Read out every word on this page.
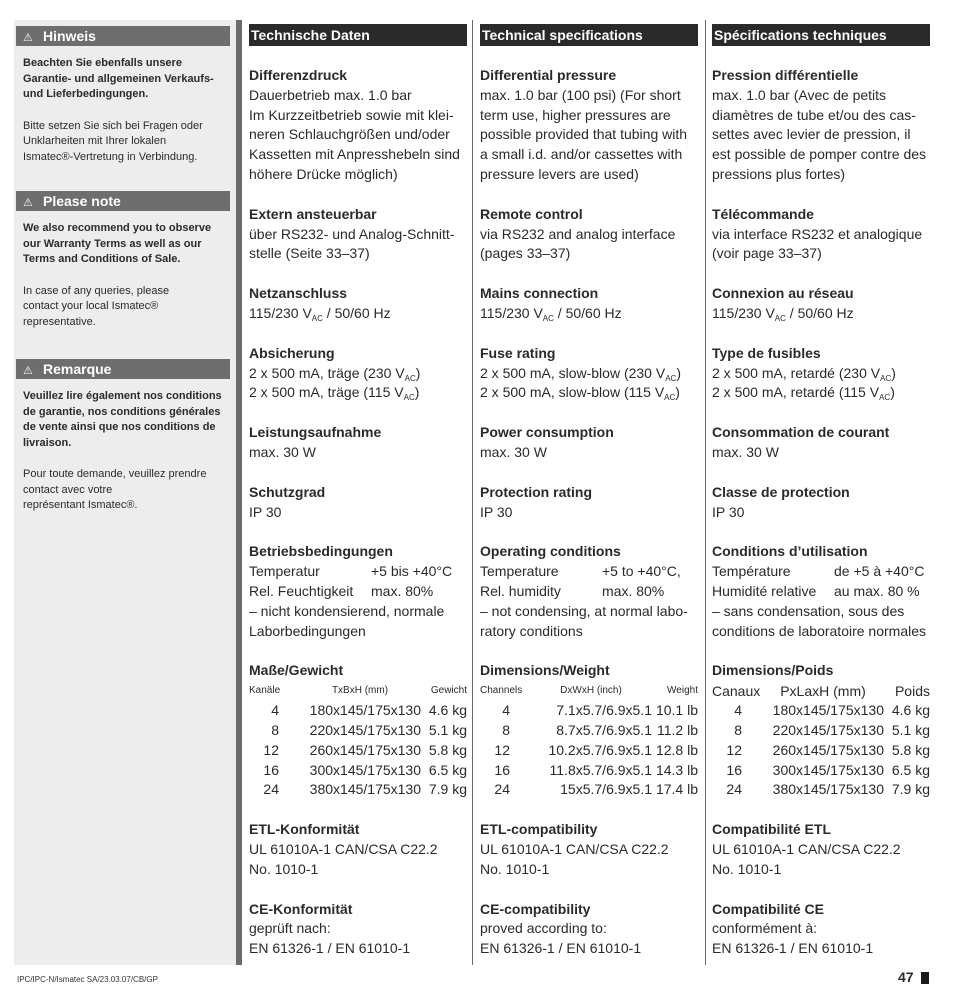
⚠ Hinweis
Beachten Sie ebenfalls unsere Garantie- und allgemeinen Verkaufs- und Lieferbedingungen.
Bitte setzen Sie sich bei Fragen oder
Unklarheiten mit Ihrer lokalen
Ismatec®-Vertretung in Verbindung.
⚠ Please note
We also recommend you to observe our Warranty Terms as well as our Terms and Conditions of Sale.
In case of any queries, please
contact your local Ismatec®
representative.
⚠ Remarque
Veuillez lire également nos conditions de garantie, nos conditions générales de vente ainsi que nos conditions de livraison.
Pour toute demande, veuillez prendre
contact avec votre
représentant Ismatec®.
Technische Daten
Differenzdruck
Dauerbetrieb max. 1.0 bar
Im Kurzzeitbetrieb sowie mit klei-
neren Schlauchgrößen und/oder
Kassetten mit Anpresshebeln sind
höhere Drücke möglich)
Extern ansteuerbar
über RS232- und Analog-Schnitt-
stelle (Seite 33–37)
Netzanschluss
115/230 $V_{AC} / 50/60$ Hz
Absicherung
2 x 500 mA, träge (230 $V_{AC}$)
2 x 500 mA, träge (115 $V_{AC}$)
Leistungsaufnahme
max. 30 W
Schutzgrad
IP 30
Betriebsbedingungen
Temperatur	+5 bis +40°C
Rel. Feuchtigkeit	max. 80%
– nicht kondensierend, normale
Laborbedingungen
Maße/Gewicht
Kanäle	TxBxH (mm)	Gewicht
4	180x145/175x130 4.6 kg
8	220x145/175x130 5.1 kg
12	260x145/175x130 5.8 kg
16	300x145/175x130 6.5 kg
24	380x145/175x130 7.9 kg
ETL-Konformität
UL 61010A-1 CAN/CSA C22.2
No. 1010-1
CE-Konformität
geprüft nach:
EN 61326-1 / EN 61010-1
Technical specifications
Differential pressure
max. 1.0 bar (100 psi) (For short
term use, higher pressures are
possible provided that tubing with
a small i.d. and/or cassettes with
pressure levers are used)
Remote control
via RS232 and analog interface
(pages 33–37)
Mains connection
115/230 $V_{AC} / 50/60$ Hz
Fuse rating
2 x 500 mA, slow-blow (230 $V_{AC}$)
2 x 500 mA, slow-blow (115 $V_{AC}$)
Power consumption
max. 30 W
Protection rating
IP 30
Operating conditions
Temperature	+5 to +40°C,
Rel. humidity	max. 80%
– not condensing, at normal labo-
ratory conditions
Dimensions/Weight
Channels	DxWxH (inch)	Weight
4	7.1x5.7/6.9x5.1 10.1 lb
8	8.7x5.7/6.9x5.1 11.2 lb
12	10.2x5.7/6.9x5.1 12.8 lb
16	11.8x5.7/6.9x5.1 14.3 lb
24	15x5.7/6.9x5.1 17.4 lb
ETL-compatibility
UL 61010A-1 CAN/CSA C22.2
No. 1010-1
CE-compatibility
proved according to:
EN 61326-1 / EN 61010-1
Spécifications techniques
Pression différentielle
max. 1.0 bar (Avec de petits
diamètres de tube et/ou des cas-
settes avec levier de pression, il
est possible de pomper contre des
pressions plus fortes)
Télécommande
via interface RS232 et analogique
(voir page 33–37)
Connexion au réseau
115/230 $V_{AC} / 50/60$ Hz
Type de fusibles
2 x 500 mA, retardé (230 $V_{AC}$)
2 x 500 mA, retardé (115 $V_{AC}$)
Consommation de courant
max. 30 W
Classe de protection
IP 30
Conditions d’utilisation
Température	de +5 à +40°C
Humidité relative	au max. 80 %
– sans condensation, sous des
conditions de laboratoire normales
Dimensions/Poids
Canaux	PxLaxH (mm)	Poids
4	180x145/175x130 4.6 kg
8	220x145/175x130 5.1 kg
12	260x145/175x130 5.8 kg
16	300x145/175x130 6.5 kg
24	380x145/175x130 7.9 kg
Compatibilité ETL
UL 61010A-1 CAN/CSA C22.2
No. 1010-1
Compatibilité CE
conformément à:
EN 61326-1 / EN 61010-1
IPC/IPC-N/Ismatec SA/23.03.07/CB/GP	47
